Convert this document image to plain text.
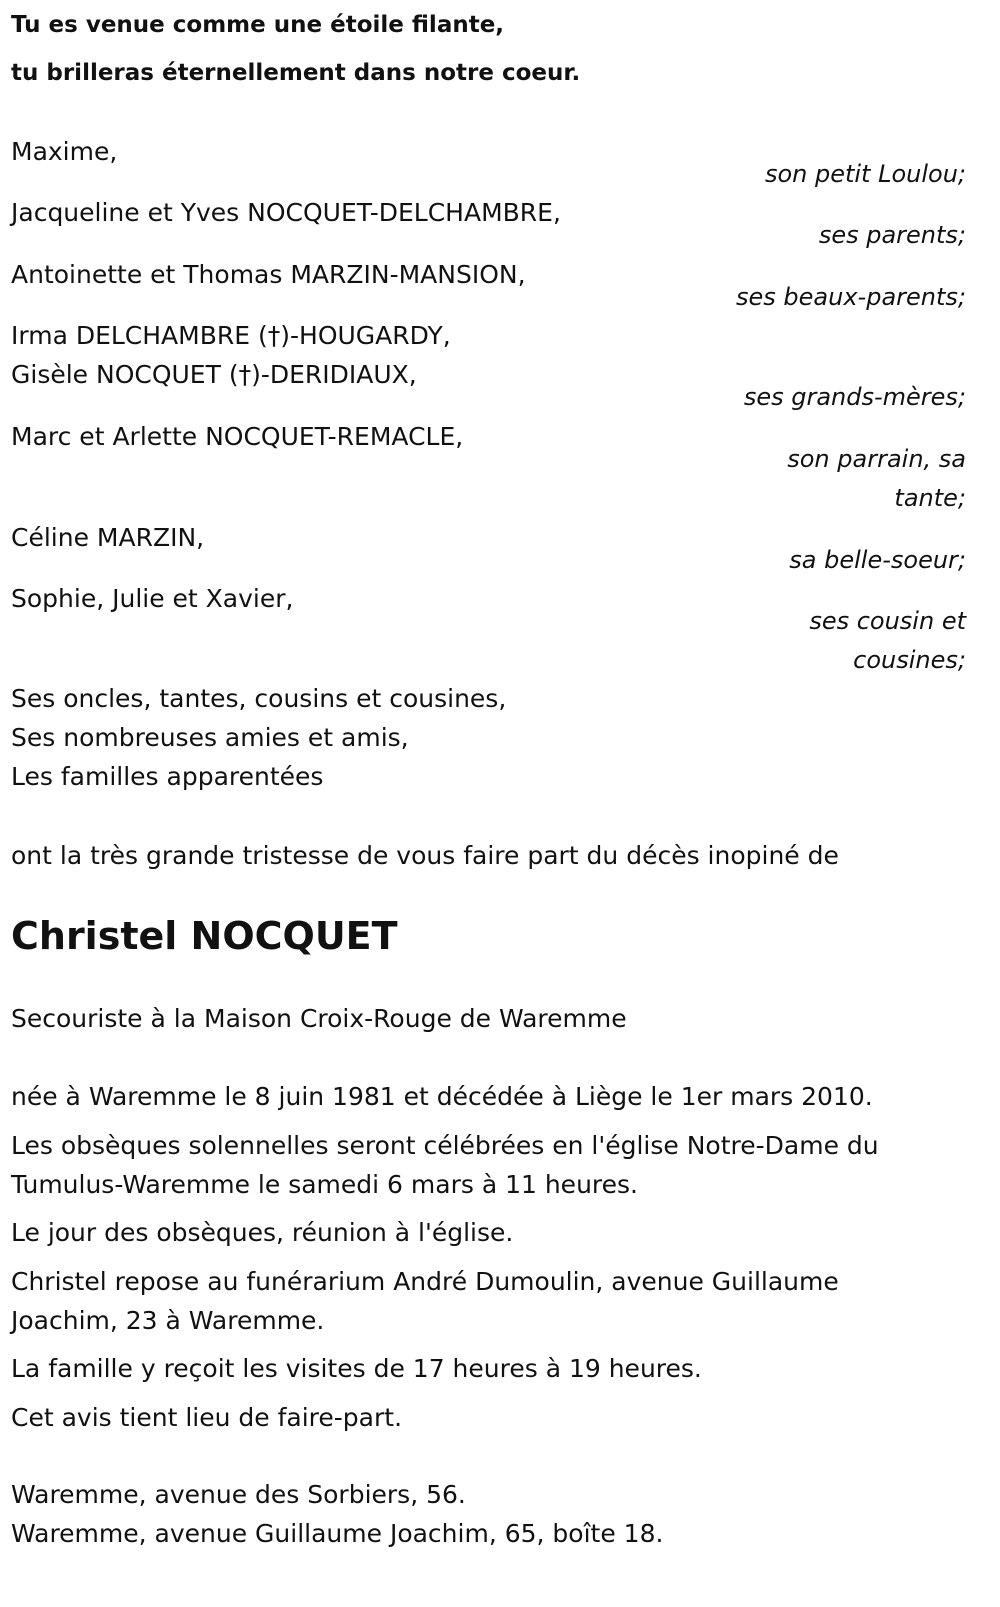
Tu es venue comme une étoile filante,
tu brilleras éternellement dans notre coeur.
Maxime,
Jacqueline et Yves NOCQUET-DELCHAMBRE,
Antoinette et Thomas MARZIN-MANSION,
Irma DELCHAMBRE (†)-HOUGARDY,
Gisèle NOCQUET (†)-DERIDIAUX,
Marc et Arlette NOCQUET-REMACLE,
Céline MARZIN,
Sophie, Julie et Xavier,
Ses oncles, tantes, cousins et cousines,
Ses nombreuses amies et amis,
Les familles apparentées
son petit Loulou;
ses parents;
ses beaux-parents;
ses grands-mères;
son parrain, sa
tante;
sa belle-soeur;
ses cousin et
cousines;
ont la très grande tristesse de vous faire part du décès inopiné de
Christel NOCQUET
Secouriste à la Maison Croix-Rouge de Waremme
née à Waremme le 8 juin 1981 et décédée à Liège le 1er mars 2010.
Les obsèques solennelles seront célébrées en l'église Notre-Dame du
Tumulus-Waremme le samedi 6 mars à 11 heures.
Le jour des obsèques, réunion à l'église.
Christel repose au funérarium André Dumoulin, avenue Guillaume
Joachim, 23 à Waremme.
La famille y reçoit les visites de 17 heures à 19 heures.
Cet avis tient lieu de faire-part.
Waremme, avenue des Sorbiers, 56.
Waremme, avenue Guillaume Joachim, 65, boîte 18.
